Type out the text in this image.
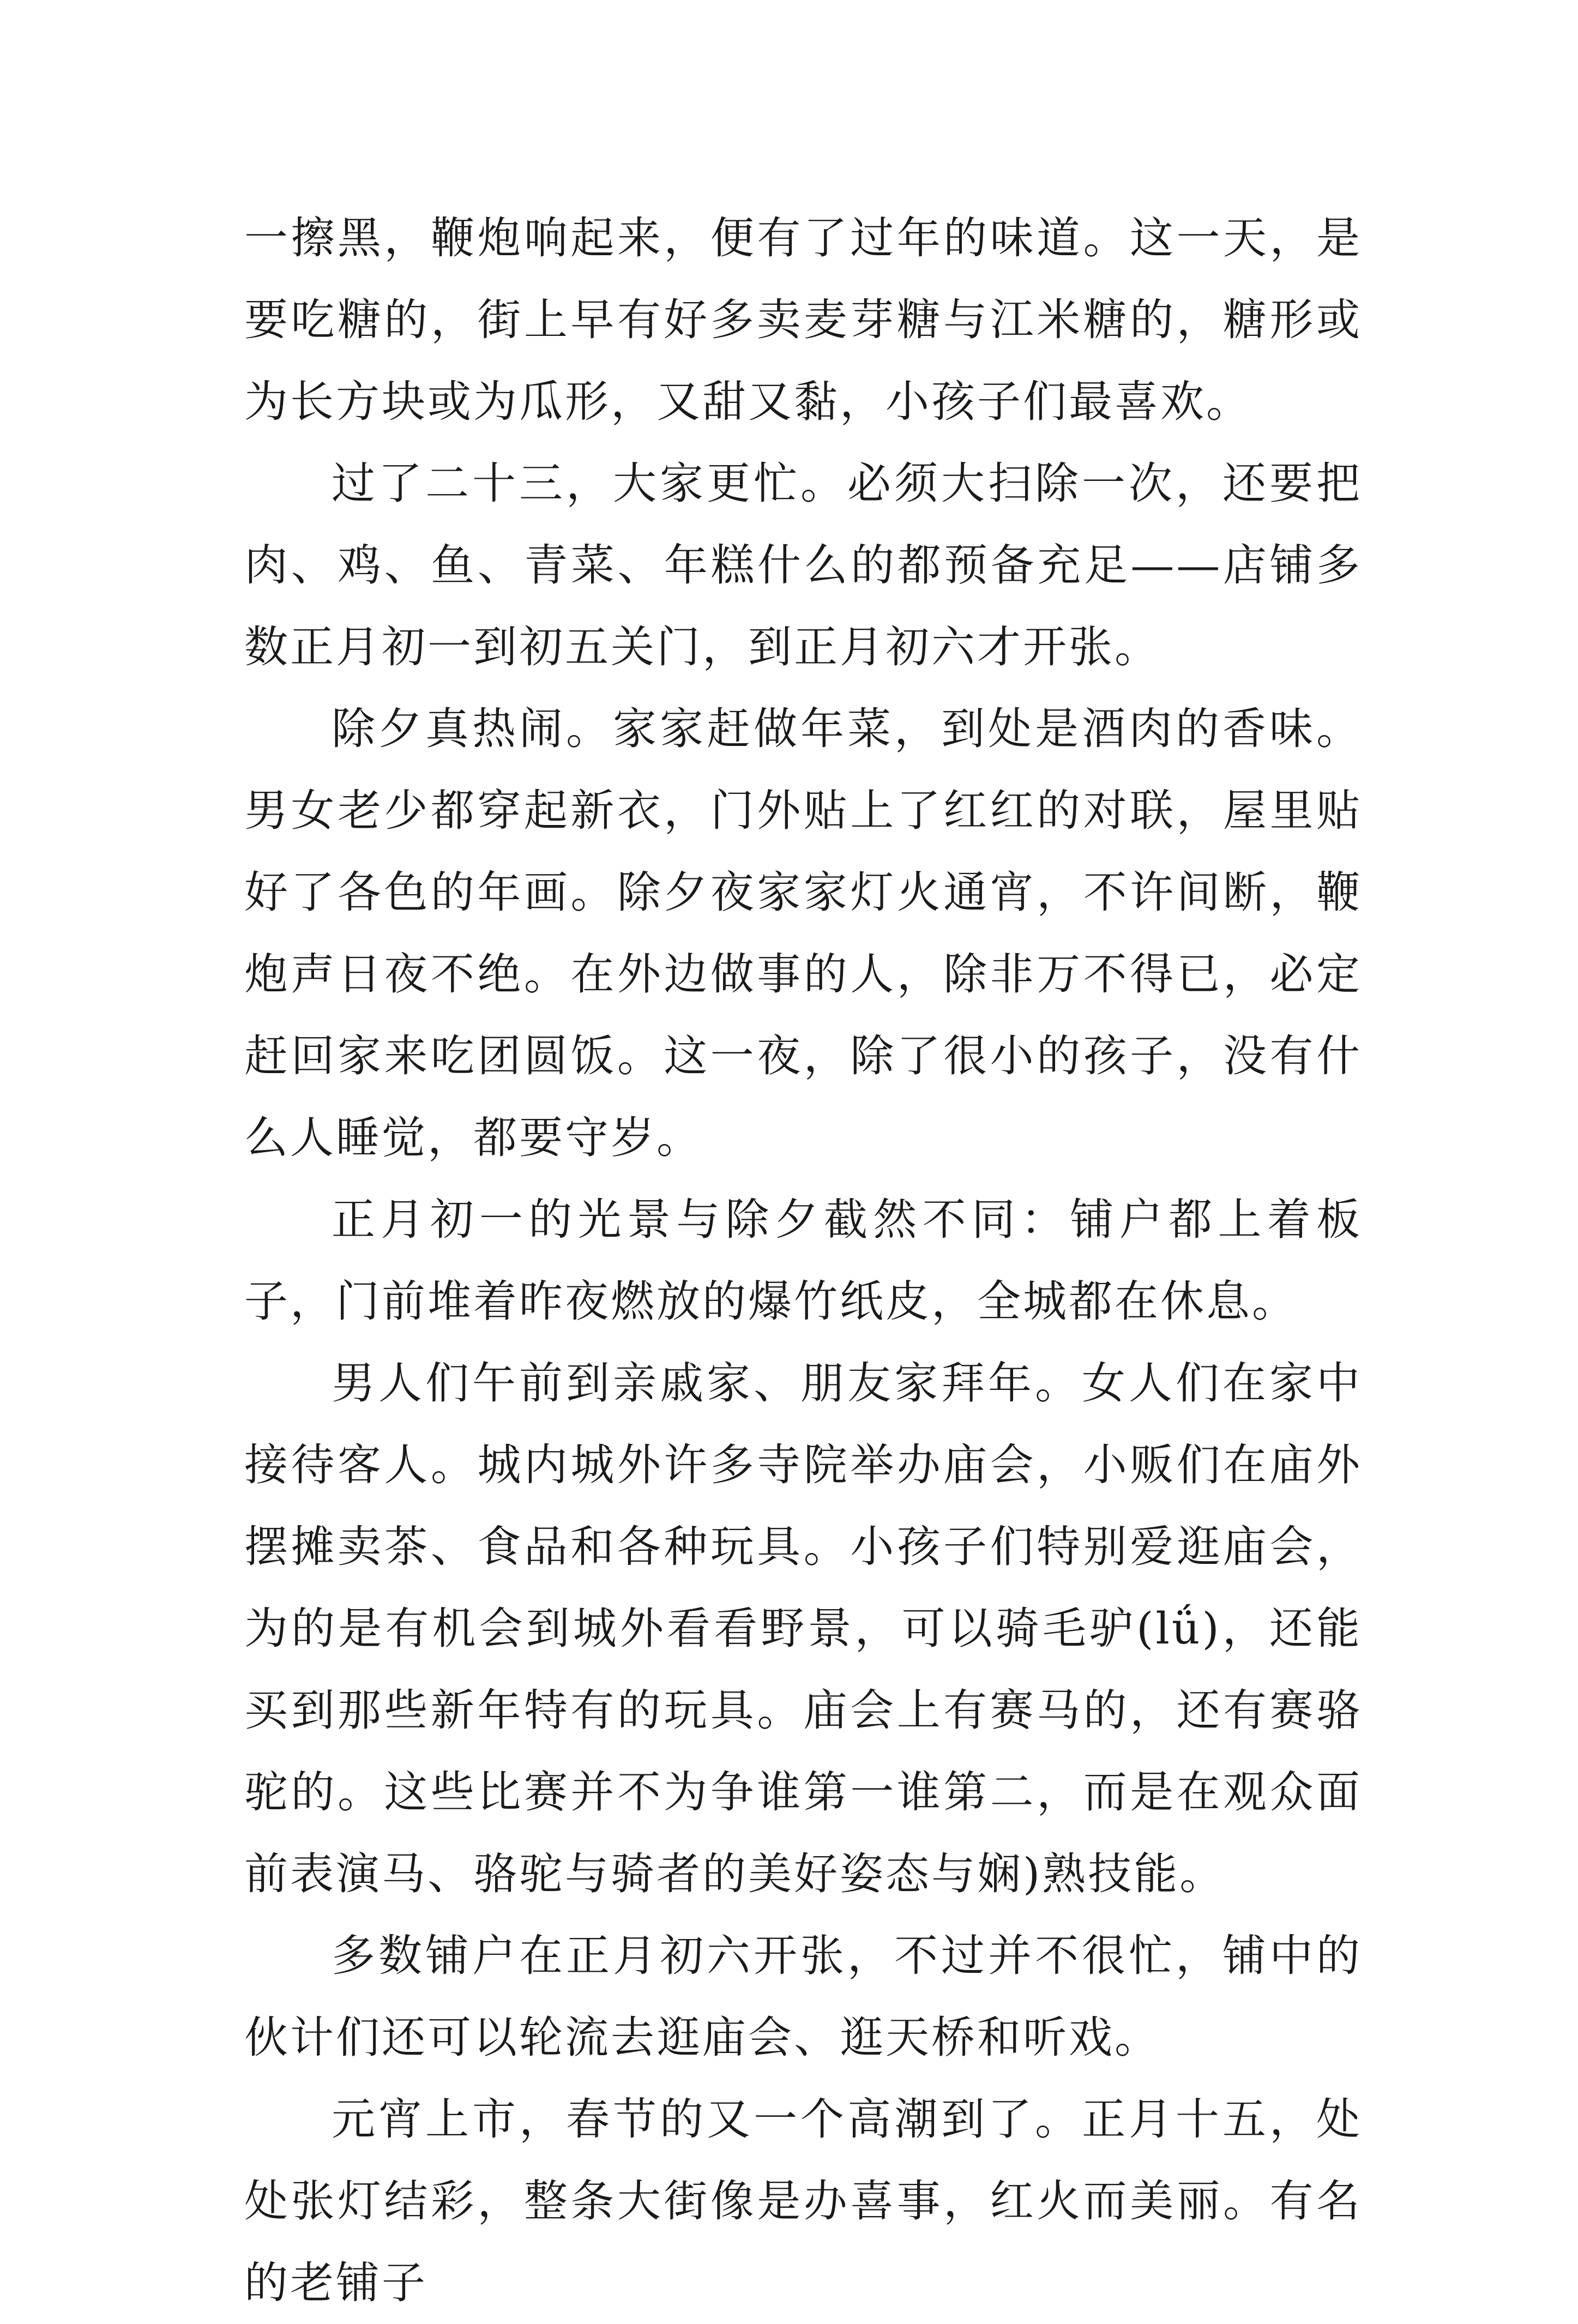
一擦黑，鞭炮响起来，便有了过年的味道。这一天，是要吃糖的，街上早有好多卖麦芽糖与江米糖的，糖形或为长方块或为瓜形，又甜又黏，小孩子们最喜欢。

过了二十三，大家更忙。必须大扫除一次，还要把肉、鸡、鱼、青菜、年糕什么的都预备充足——店铺多数正月初一到初五关门，到正月初六才开张。

除夕真热闹。家家赶做年菜，到处是酒肉的香味。男女老少都穿起新衣，门外贴上了红红的对联，屋里贴好了各色的年画。除夕夜家家灯火通宵，不许间断，鞭炮声日夜不绝。在外边做事的人，除非万不得已，必定赶回家来吃团圆饭。这一夜，除了很小的孩子，没有什么人睡觉，都要守岁。

正月初一的光景与除夕截然不同：铺户都上着板子，门前堆着昨夜燃放的爆竹纸皮，全城都在休息。

男人们午前到亲戚家、朋友家拜年。女人们在家中接待客人。城内城外许多寺院举办庙会，小贩们在庙外摆摊卖茶、食品和各种玩具。小孩子们特别爱逛庙会，为的是有机会到城外看看野景，可以骑毛驴(lǘ)，还能买到那些新年特有的玩具。庙会上有赛马的，还有赛骆驼的。这些比赛并不为争谁第一谁第二，而是在观众面前表演马、骆驼与骑者的美好姿态与娴)熟技能。

多数铺户在正月初六开张，不过并不很忙，铺中的伙计们还可以轮流去逛庙会、逛天桥和听戏。

元宵上市，春节的又一个高潮到了。正月十五，处处张灯结彩，整条大街像是办喜事，红火而美丽。有名的老铺子
